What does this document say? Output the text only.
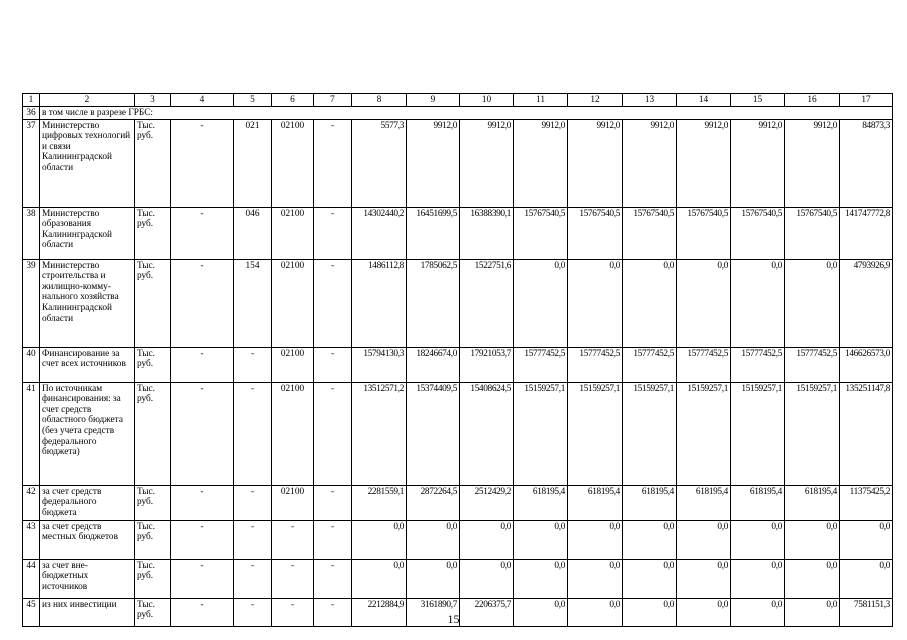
1	2	3	4	5	6	7	8	9	10	11	12	13	14	15	16	17
36	в том числе в разрезе ГРБС:															
37	Министерство цифровых технологий и связи Калининградской области	Тыс. руб.	-	021	02100	-	5577,3	9912,0	9912,0	9912,0	9912,0	9912,0	9912,0	9912,0	9912,0	84873,3
38	Министерство образования Калининградской области	Тыс. руб.	-	046	02100	-	14302440,2	16451699,5	16388390,1	15767540,5	15767540,5	15767540,5	15767540,5	15767540,5	15767540,5	141747772,8
39	Министерство строительства и жилищно-комму-нального хозяйства Калининградской области	Тыс. руб.	-	154	02100	-	1486112,8	1785062,5	1522751,6	0,0	0,0	0,0	0,0	0,0	0,0	4793926,9
40	Финансирование за счет всех источников	Тыс. руб.	-	-	02100	-	15794130,3	18246674,0	17921053,7	15777452,5	15777452,5	15777452,5	15777452,5	15777452,5	15777452,5	146626573,0
41	По источникам финансирования: за счет средств областного бюджета (без учета средств федерального бюджета)	Тыс. руб.	-	-	02100	-	13512571,2	15374409,5	15408624,5	15159257,1	15159257,1	15159257,1	15159257,1	15159257,1	15159257,1	135251147,8
42	за счет средств федерального бюджета	Тыс. руб.	-	-	02100	-	2281559,1	2872264,5	2512429,2	618195,4	618195,4	618195,4	618195,4	618195,4	618195,4	11375425,2
43	за счет средств местных бюджетов	Тыс. руб.	-	-	-	-	0,0	0,0	0,0	0,0	0,0	0,0	0,0	0,0	0,0	0,0
44	за счет вне-бюджетных источников	Тыс. руб.	-	-	-	-	0,0	0,0	0,0	0,0	0,0	0,0	0,0	0,0	0,0	0,0
45	из них инвестиции	Тыс. руб.	-	-	-	-	2212884,9	3161890,7	2206375,7	0,0	0,0	0,0	0,0	0,0	0,0	7581151,3
15
